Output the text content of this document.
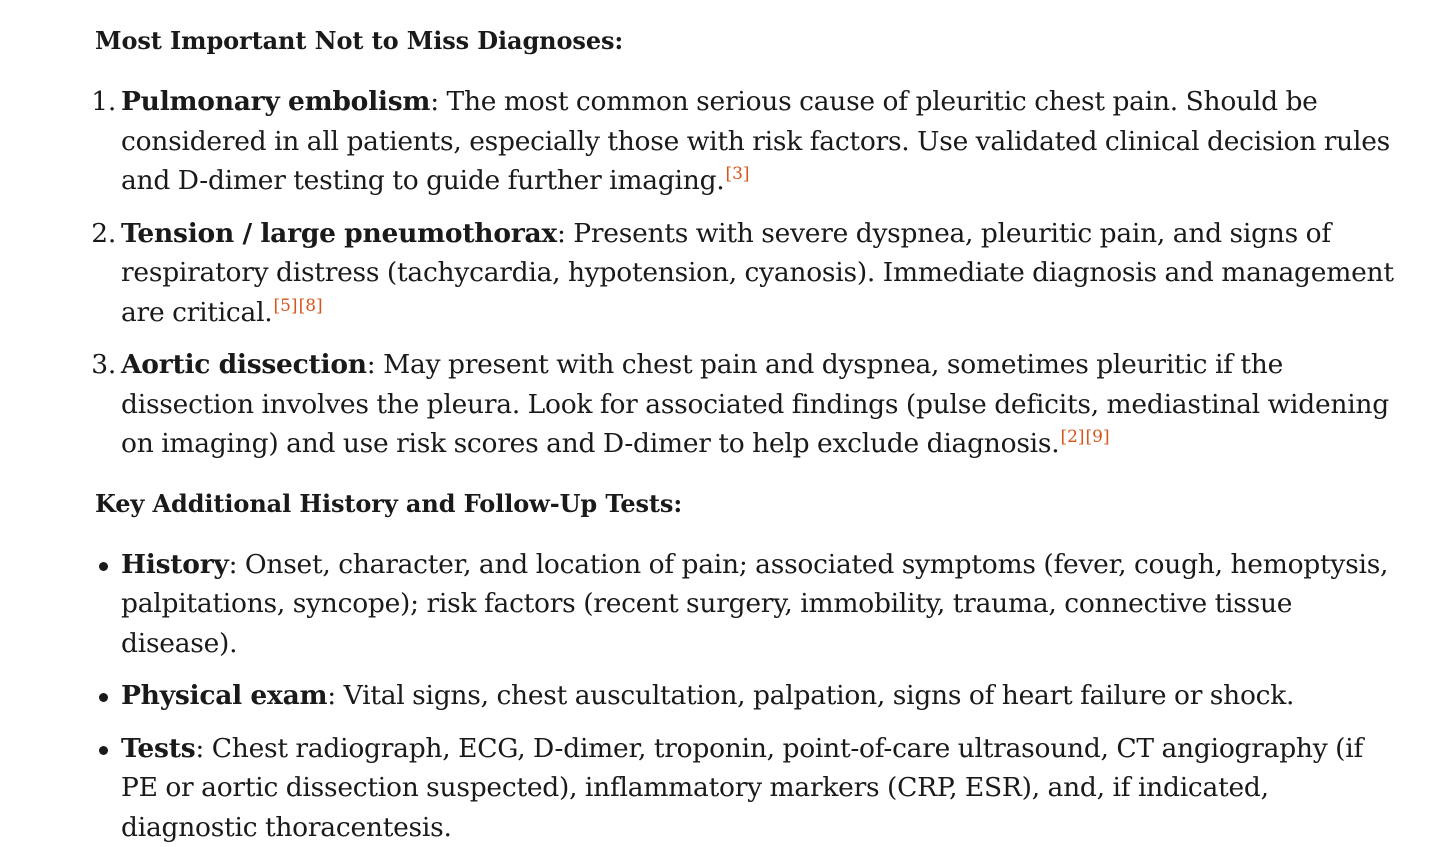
Most Important Not to Miss Diagnoses:
1. Pulmonary embolism: The most common serious cause of pleuritic chest pain. Should be considered in all patients, especially those with risk factors. Use validated clinical decision rules and D-dimer testing to guide further imaging.[3]
2. Tension / large pneumothorax: Presents with severe dyspnea, pleuritic pain, and signs of respiratory distress (tachycardia, hypotension, cyanosis). Immediate diagnosis and management are critical.[5][8]
3. Aortic dissection: May present with chest pain and dyspnea, sometimes pleuritic if the dissection involves the pleura. Look for associated findings (pulse deficits, mediastinal widening on imaging) and use risk scores and D-dimer to help exclude diagnosis.[2][9]
Key Additional History and Follow-Up Tests:
History: Onset, character, and location of pain; associated symptoms (fever, cough, hemoptysis, palpitations, syncope); risk factors (recent surgery, immobility, trauma, connective tissue disease).
Physical exam: Vital signs, chest auscultation, palpation, signs of heart failure or shock.
Tests: Chest radiograph, ECG, D-dimer, troponin, point-of-care ultrasound, CT angiography (if PE or aortic dissection suspected), inflammatory markers (CRP, ESR), and, if indicated, diagnostic thoracentesis.
